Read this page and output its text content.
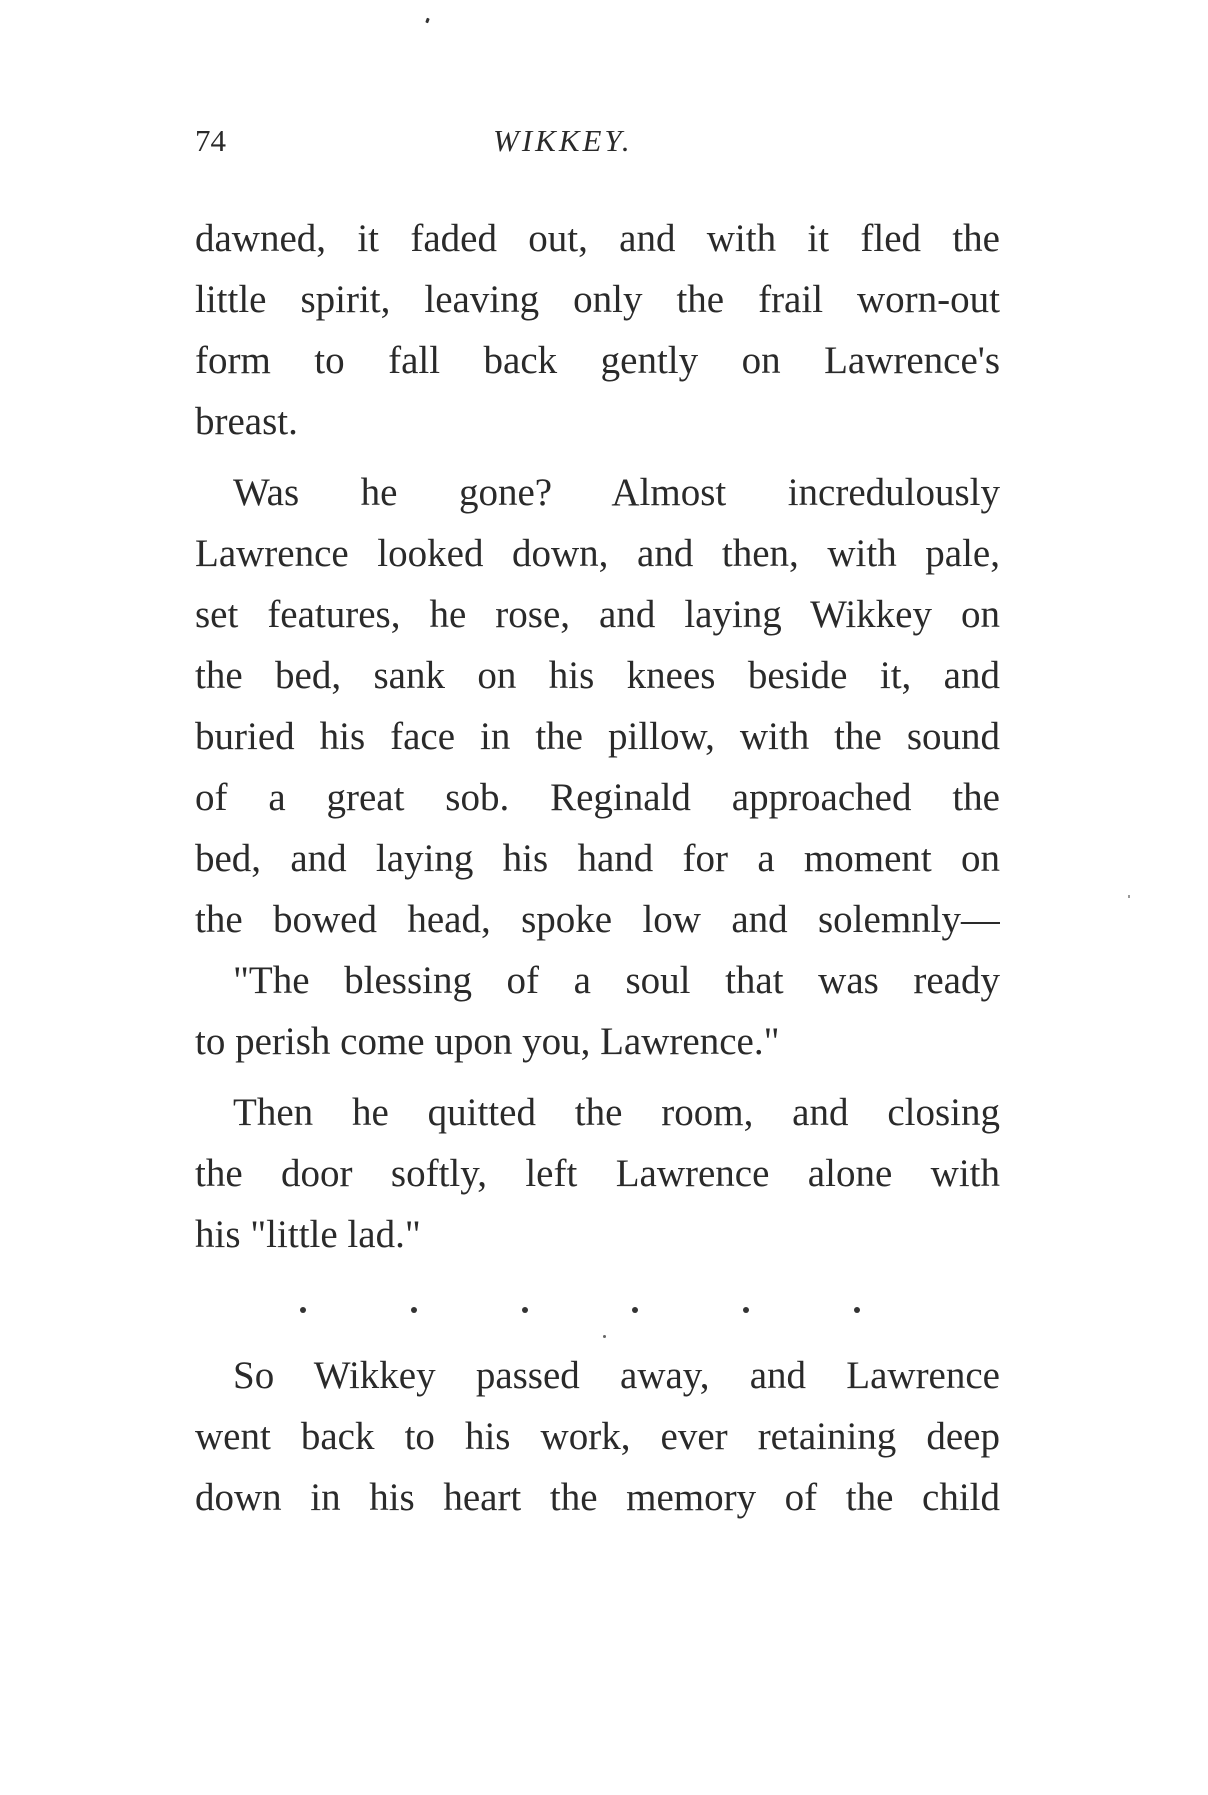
74	WIKKEY.
dawned, it faded out, and with it fled the
little spirit, leaving only the frail worn-out
form to fall back gently on Lawrence's
breast.
Was he gone? Almost incredulously
Lawrence looked down, and then, with pale,
set features, he rose, and laying Wikkey on
the bed, sank on his knees beside it, and
buried his face in the pillow, with the sound
of a great sob. Reginald approached the
bed, and laying his hand for a moment on
the bowed head, spoke low and solemnly—
"The blessing of a soul that was ready
to perish come upon you, Lawrence."
Then he quitted the room, and closing
the door softly, left Lawrence alone with
his "little lad."
So Wikkey passed away, and Lawrence
went back to his work, ever retaining deep
down in his heart the memory of the child
